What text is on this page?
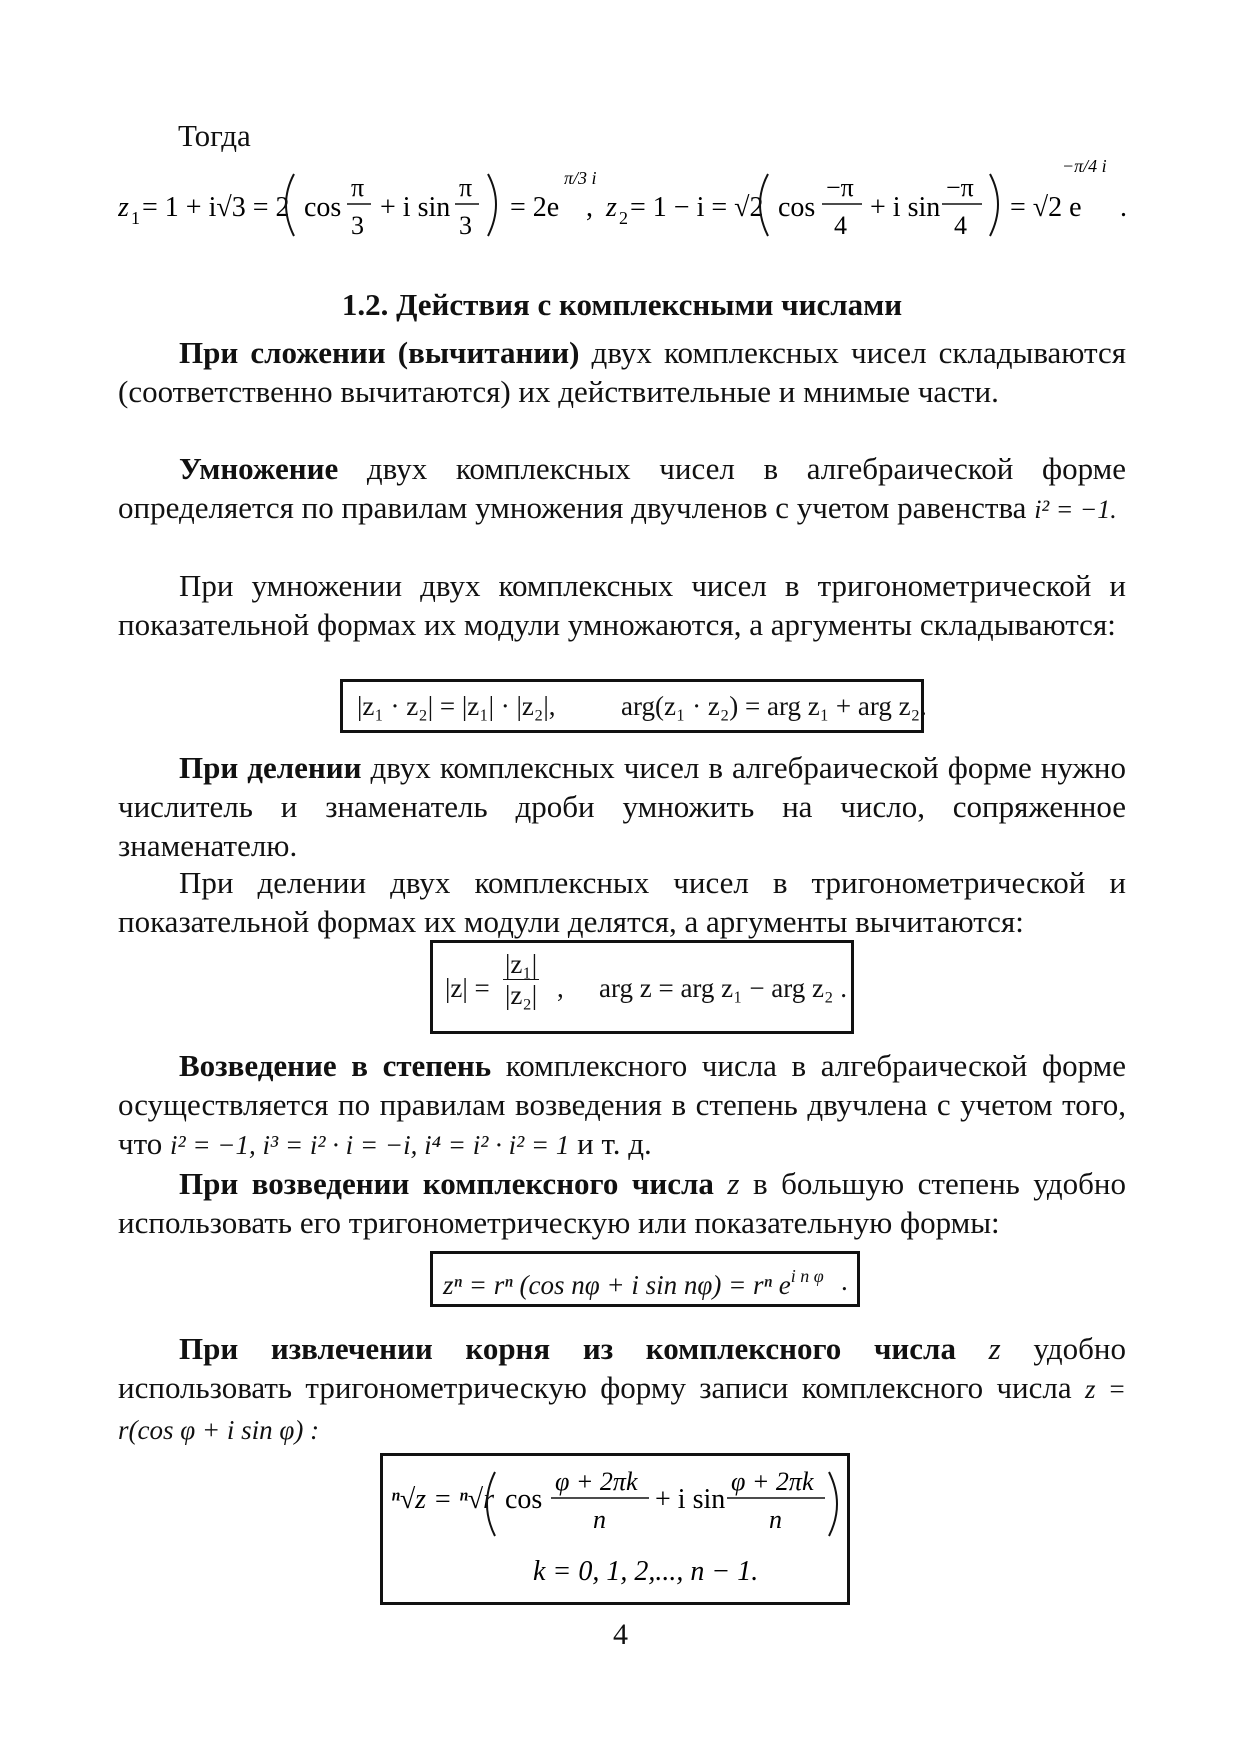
Тогда
z 1 = 1 + i√3 = 2 cos
π
3
+ i sin
π
3
= 2e
π/3 i
, z 2 = 1 − i = √2 cos
−π
4
+ i sin
−π
4
= √2 e
−π/4 i
.
1.2. Действия с комплексными числами
При сложении (вычитании) двух комплексных чисел складываются (соответственно вычитаются) их действительные и мнимые части.
Умножение двух комплексных чисел в алгебраической форме определяется по правилам умножения двучленов с учетом равенства i² = −1.
При умножении двух комплексных чисел в тригонометрической и показательной формах их модули умножаются, а аргументы складываются:
|z₁ · z₂| = |z₁| · |z₂|, arg(z₁ · z₂) = arg z₁ + arg z₂.
При делении двух комплексных чисел в алгебраической форме нужно числитель и знаменатель дроби умножить на число, сопряженное знаменателю.
При делении двух комплексных чисел в тригонометрической и показательной формах их модули делятся, а аргументы вычитаются:
$|z| = \frac{\text{|z₁|}}{\text{|z₂|}}$ , arg z = arg z₁ − arg z₂ .
Возведение в степень комплексного числа в алгебраической форме осуществляется по правилам возведения в степень двучлена с учетом того, что i² = −1, i³ = i² · i = −i, i⁴ = i² · i² = 1 и т. д.
При возведении комплексного числа z в большую степень удобно использовать его тригонометрическую или показательную формы:
zⁿ = rⁿ (cos nφ + i sin nφ) = rⁿ $e^{i n \varphi}$ .
При извлечении корня из комплексного числа z удобно использовать тригонометрическую форму записи комплексного числа z = r(cos φ + i sin φ) :
ⁿ√z = ⁿ√r cos
φ + 2πk
n
+ i sin
φ + 2πk
n
k = 0, 1, 2,..., n − 1.
4
